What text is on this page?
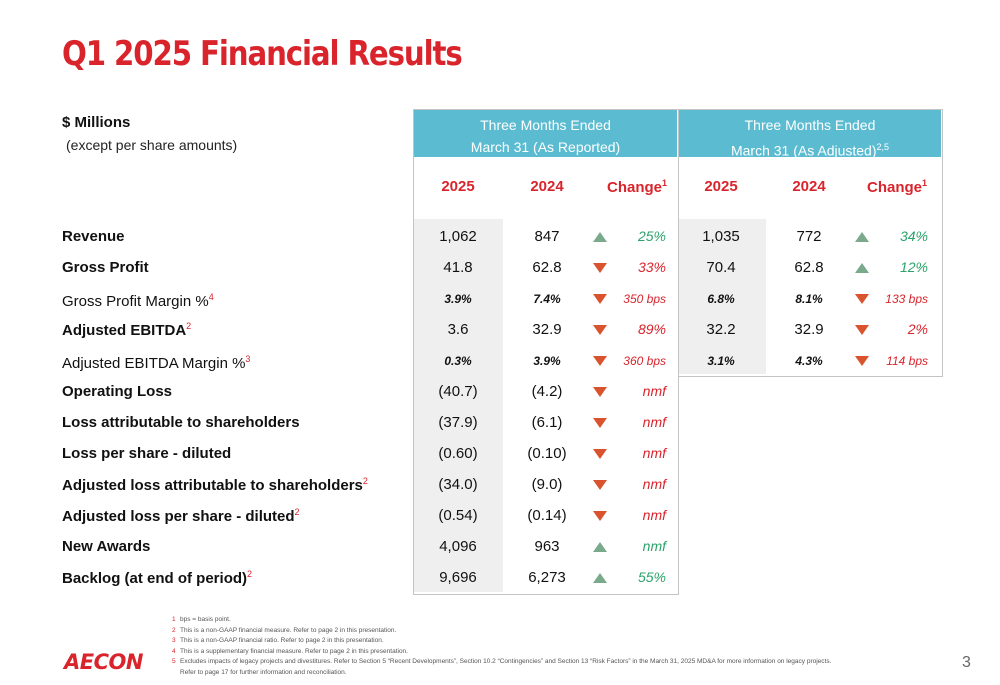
Q1 2025 Financial Results
$ Millions
(except per share amounts)
Three Months Ended
March 31 (As Reported)
Three Months Ended
March 31 (As Adjusted)$^{2,5}$
2025	2024	Change$^1$	2025	2024	Change$^1$
Revenue	1,062	847	25%	1,035	772	34%
Gross Profit	41.8	62.8	33%	70.4	62.8	12%
Gross Profit Margin %$^4$	3.9%	7.4%	350 bps	6.8%	8.1%	133 bps
Adjusted EBITDA$^2$	3.6	32.9	89%	32.2	32.9	2%
Adjusted EBITDA Margin %$^3$	0.3%	3.9%	360 bps	3.1%	4.3%	114 bps
Operating Loss	(40.7)	(4.2)	nmf
Loss attributable to shareholders	(37.9)	(6.1)	nmf
Loss per share - diluted	(0.60)	(0.10)	nmf
Adjusted loss attributable to shareholders$^2$	(34.0)	(9.0)	nmf
Adjusted loss per share - diluted$^2$	(0.54)	(0.14)	nmf
New Awards	4,096	963	nmf
Backlog (at end of period)$^2$	9,696	6,273	55%
1 bps = basis point.
2 This is a non-GAAP financial measure. Refer to page 2 in this presentation.
3 This is a non-GAAP financial ratio. Refer to page 2 in this presentation.
4 This is a supplementary financial measure. Refer to page 2 in this presentation.
5 Excludes impacts of legacy projects and divestitures. Refer to Section 5 “Recent Developments”, Section 10.2 “Contingencies” and Section 13 “Risk Factors” in the March 31, 2025 MD&A for more information on legacy projects.
Refer to page 17 for further information and reconciliation.
AECON	3
